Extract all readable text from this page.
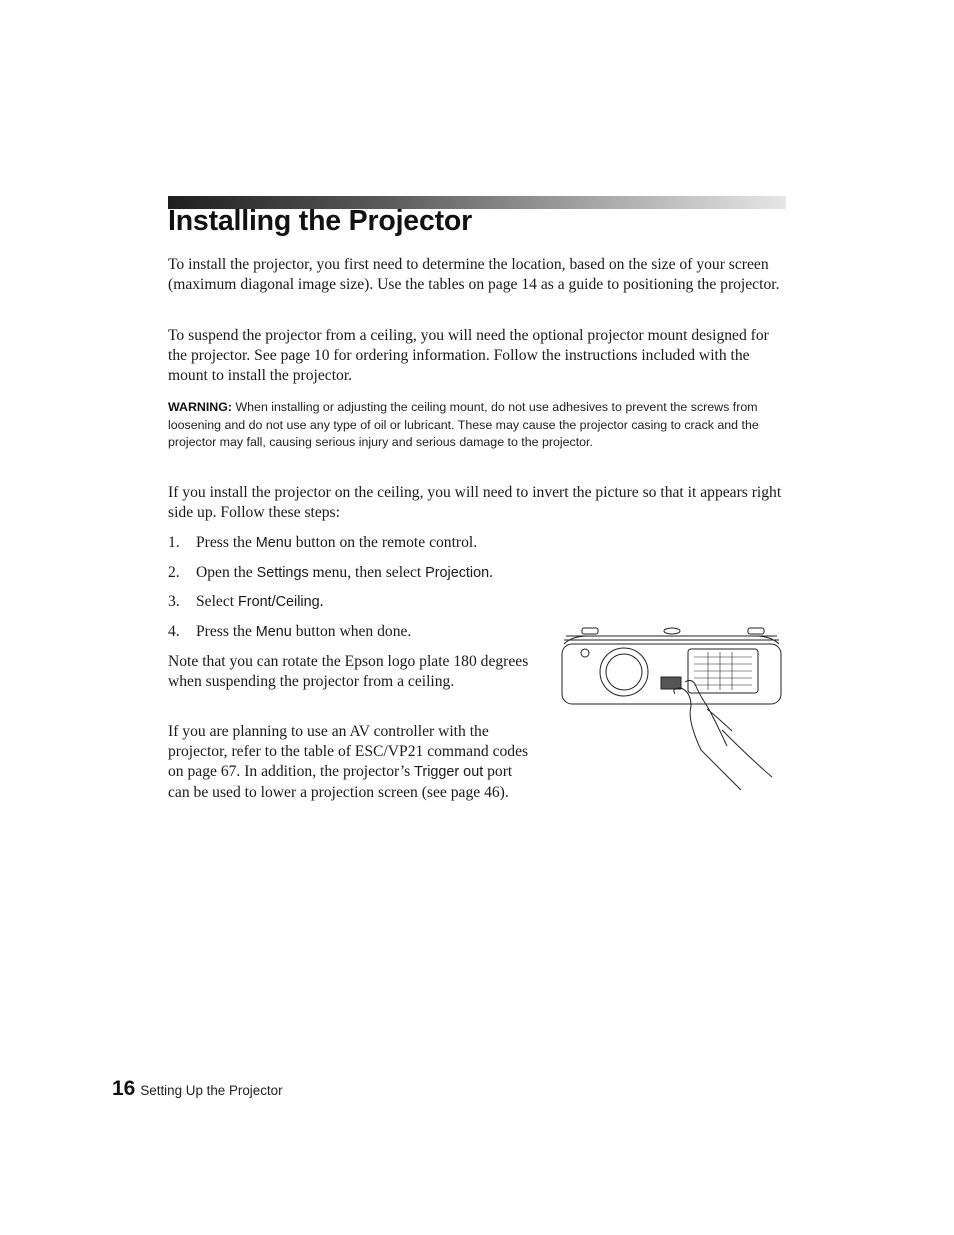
Installing the Projector

To install the projector, you first need to determine the location, based on the size of your screen (maximum diagonal image size). Use the tables on page 14 as a guide to positioning the projector.

To suspend the projector from a ceiling, you will need the optional projector mount designed for the projector. See page 10 for ordering information. Follow the instructions included with the mount to install the projector.

WARNING: When installing or adjusting the ceiling mount, do not use adhesives to prevent the screws from loosening and do not use any type of oil or lubricant. These may cause the projector casing to crack and the projector may fall, causing serious injury and serious damage to the projector.

If you install the projector on the ceiling, you will need to invert the picture so that it appears right side up. Follow these steps:

1. Press the Menu button on the remote control.

2. Open the Settings menu, then select Projection.

3. Select Front/Ceiling.

4. Press the Menu button when done.

Note that you can rotate the Epson logo plate 180 degrees when suspending the projector from a ceiling.

If you are planning to use an AV controller with the projector, refer to the table of ESC/VP21 command codes on page 67. In addition, the projector’s Trigger out port can be used to lower a projection screen (see page 46).

16 Setting Up the Projector
